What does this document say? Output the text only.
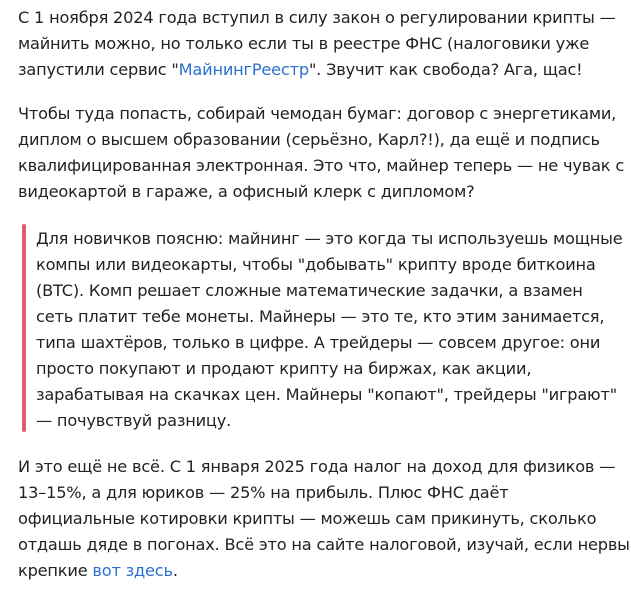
С 1 ноября 2024 года вступил в силу закон о регулировании крипты —
майнить можно, но только если ты в реестре ФНС (налоговики уже
запустили сервис "МайнингРеестр". Звучит как свобода? Ага, щас!

Чтобы туда попасть, собирай чемодан бумаг: договор с энергетиками,
диплом о высшем образовании (серьёзно, Карл?!), да ещё и подпись
квалифицированная электронная. Это что, майнер теперь — не чувак с
видеокартой в гараже, а офисный клерк с дипломом?

Для новичков поясню: майнинг — это когда ты используешь мощные
компы или видеокарты, чтобы "добывать" крипту вроде биткоина
(BTC). Комп решает сложные математические задачки, а взамен
сеть платит тебе монеты. Майнеры — это те, кто этим занимается,
типа шахтёров, только в цифре. А трейдеры — совсем другое: они
просто покупают и продают крипту на биржах, как акции,
зарабатывая на скачках цен. Майнеры "копают", трейдеры "играют"
— почувствуй разницу.

И это ещё не всё. С 1 января 2025 года налог на доход для физиков —
13–15%, а для юриков — 25% на прибыль. Плюс ФНС даёт
официальные котировки крипты — можешь сам прикинуть, сколько
отдашь дяде в погонах. Всё это на сайте налоговой, изучай, если нервы
крепкие вот здесь.
